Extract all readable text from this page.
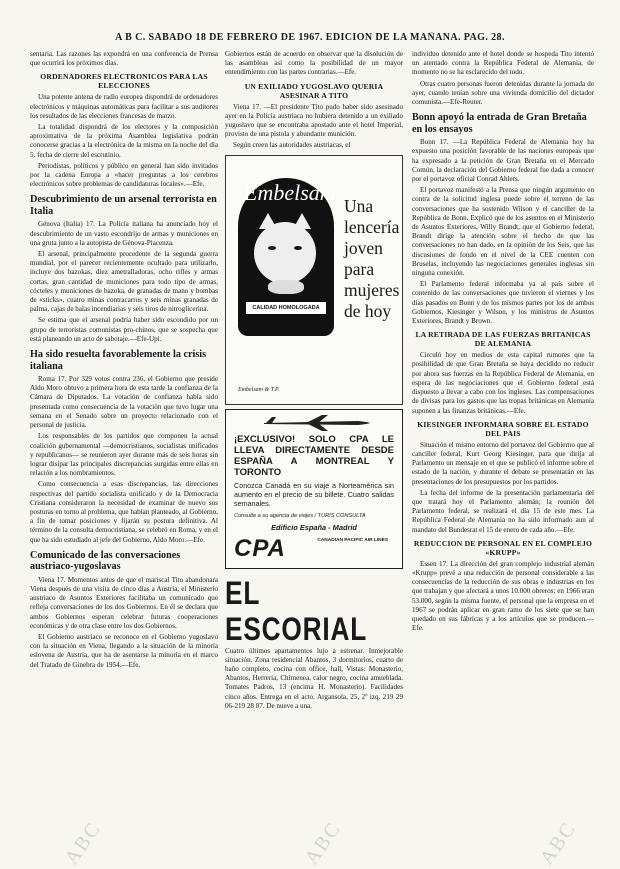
A B C. SABADO 18 DE FEBRERO DE 1967. EDICION DE LA MAÑANA. PAG. 28.

sentaria. Las razones las expondrá en una conferencia de Prensa que ocurrirá los próximos días.

ORDENADORES ELECTRONICOS PARA LAS ELECCIONES

Una potente antena de radio europea dispondrá de ordenadores electrónicos y máquinas automáticas para facilitar a sus auditores los resultados de las elecciones francesas de marzo.

La totalidad dispondrá de los electores y la composición aproximativa de la próxima Asamblea legislativa podrán conocerse gracias a la electrónica de la misma en la noche del día 5, fecha de cierre del escrutinio.

Periodistas, políticos y público en general han sido invitados por la cadena Europa a «hacer preguntas a los cerebros electrónicos sobre problemas de candidaturas locales».—Efe.

Descubrimiento de un arsenal terrorista en Italia

Génova (Italia) 17. La Policía italiana ha anunciado hoy el descubrimiento de un vasto escondrijo de armas y municiones en una gruta junto a la autopista de Génova-Piacenza.

El arsenal, principalmente procedente de la segunda guerra mundial, por el parecer recientemente ocultado para utilizarlo, incluye dos bazokas, diez ametralladoras, ocho rifles y armas cortas, gran cantidad de municiones para todo tipo de armas, cócteles y municiones de bazoka, de granadas de mano y bombas de «sticks», cuatro minas contracarros y seis minas granadas de palma, cajas de balas incendiarias y seis tiros de nitroglicerina.

Se estima que el arsenal podría haber sido escondido por un grupo de terroristas comunistas pro-chinos, que se sospecha que está planeando un acto de sabotaje.—Efe-Upi.

Ha sido resuelta favorablemente la crisis italiana

Roma 17. Por 329 votos contra 236, el Gobierno que preside Aldo Moro obtuvo a primera hora de esta tarde la confianza de la Cámara de Diputados. La votación de confianza había sido presentada como consecuencia de la votación que tuvo lugar una semana en el Senado sobre un proyecto relacionado con el personal de justicia.

Los responsables de los partidos que componen la actual coalición gubernamental —democristianos, socialistas unificados y republicanos— se reunieron ayer durante más de seis horas sin lograr disipar las principales discrepancias surgidas entre ellas en relación a los nombramientos.

Como consecuencia a esas discrepancias, las direcciones respectivas del partido socialista unificado y de la Democracia Cristiana consideraron la necesidad de examinar de nuevo sus posturas en torno al problema, que habían planteado, al Gobierno, a fin de tomar posiciones y fijarán su postura definitiva. Al término de la consulta democristiana, se celebró en Roma, y en el que ha sido estudiado al jefe del Gobierno, Aldo Moro.—Efe.

Comunicado de las conversaciones austriaco-yugoslavas

Viena 17. Momentos antes de que el mariscal Tito abandonara Viena después de una visita de cinco días a Austria, el Ministerio austriaco de Asuntos Exteriores facilitaba un comunicado que refleja conversaciones de los dos Gobiernos. En él se declara que ambos Gobiernos esperan celebrar futuras cooperaciones económicas y de otra clase entre los dos Gobiernos.

El Gobierno austriaco se reconoce en el Gobierno yugoslavo con la situación en Viena, llegando a la situación de la minoría eslovena de Austria, que ha de asentarse la minoría en el marco del Tratado de Ginebra de 1954.—Efe.

Gobiernos están de acuerdo en observar que la disolución de las asambleas así como la posibilidad de un mayor entendimiento con las partes contrarias.—Efe.

UN EXILIADO YUGOSLAVO QUERIA ASESINAR A TITO

Viena 17. —El presidente Tito pudo haber sido asesinado ayer en la Policía austriaca no hubiera detenido a un exiliado yugoslavo que se encontraba apostado ante el hotel Imperial, provisto de una pistola y abundante munición.

Según creen las autoridades austriacas, el

Embelsam
CALIDAD HOMOLOGADA
Una
lencería
joven
para
mujeres
de hoy
Embelsam & T.P.
¡EXCLUSIVO! SOLO CPA LE LLEVA DIRECTAMENTE DESDE ESPAÑA A MONTREAL Y TORONTO
Conozca Canadá en su viaje a Norteamérica sin aumento en el precio de su billete. Cuatro salidas semanales.
Consulte a su agencia de viajes / TURIS CONSULTA
Edificio España - Madrid
CPA	CANADIAN PACIFIC AIR LINES
EL ESCORIAL

Cuatro últimos apartamentos lujo a estrenar. Inmejorable situación. Zona residencial Abantos, 3 dormitorios, cuarto de baño completo, cocina con office, hall, Vistas: Monasterio, Abantos, Herreria, Chimenea, calor negro, cocina amueblada. Tomates Padros, 13 (encima H. Monasterio). Facilidades cinco años. Entrega en el acto. Argansola, 25, 2º izq. 219 29 06-219 28 87. De nueve a una.

individuo detenido ante el hotel donde se hospeda Tito intentó un atentado contra la República Federal de Alemania, de momento no se ha esclarecido del todo.

Otras cuatro personas fueron detenidas durante la jornada de ayer, cuando tenían sobre una vivienda domicilio del dictador comunista.—Efe-Reuter.

Bonn apoyó la entrada de Gran Bretaña en los ensayos

Bonn 17. —La República Federal de Alemania hoy ha expuesto una posición favorable de las naciones europeas que ha expresado a la petición de Gran Bretaña en el Mercado Común, la declaración del Gobierno federal fue dada a conocer por el portavoz oficial Conrad Ahlers.

El portavoz manifestó a la Prensa que ningún argumento en contra de la solicitud inglesa puede sobre el terreno de las conversaciones que ha sostenido Wilson y el canciller de la República de Bonn. Explicó que de los asuntos en el Ministerio de Asuntos Exteriores, Willy Brandt, que el Gobierno federal, Brandt dirige la atención sobre el hecho de que las conversaciones no han dado, en la opinión de los Seis, que las discusiones de fondo en el nivel de la CEE cuenten con Bruselas, incluyendo las negociaciones generales inglesas sin ninguna conexión.

El Parlamento federal informaba ya al país sobre el contenido de las conversaciones que tuvieron el viernes y los días pasados en Bonn y de los mismos partes por los de ambos Gobiernos, Kiesinger y Wilson, y los ministros de Asuntos Exteriores, Brandt y Brown.

LA RETIRADA DE LAS FUERZAS BRITANICAS DE ALEMANIA

Circuló hoy en medios de esta capital rumores que la posibilidad de que Gran Bretaña se haya decidido no reducir por ahora sus fuerzas en la República Federal de Alemania, en espera de las negociaciones que el Gobierno federal está dispuesto a llevar a cabo con los ingleses. Las compensaciones de divisas para los gastos que las tropas británicas en Alemania suponen a las finanzas británicas.—Efe.

KIESINGER INFORMARA SOBRE EL ESTADO DEL PAIS

Situación el mismo entorno del portavoz del Gobierno que al canciller federal, Kurt Georg Kiesinger, para que dirija al Parlamento un mensaje en el que se publicó el informe sobre el estado de la nación, y durante el debate se presentarán en las presentaciones de los presupuestos por los partidos.

La fecha del informe de la presentación parlamentaria del que tratará hoy el Parlamento alemán; la reunión del Parlamento federal, se realizará el día 15 de este mes. La República Federal de Alemania no ha sido informado aun al mandato del Bundesrat el 15 de enero de cada año.—Efe.

REDUCCION DE PERSONAL EN EL COMPLEJO «KRUPP»

Essen 17. La dirección del gran complejo industrial alemán «Krupp» prevé a una reducción de personal considerable a las consecuencias de la reducción de sus obras e industrias en los que trabajan y que afectará a unos 10.000 obreros; en 1966 eran 53.000, según la misma fuente, el personal que la empresa en el 1967 se podrán aplicar en gran ramo de los siete que se han quedado en sus fábricas y a los artículos que se producen.—Efe.

ABC	ABC	ABC
